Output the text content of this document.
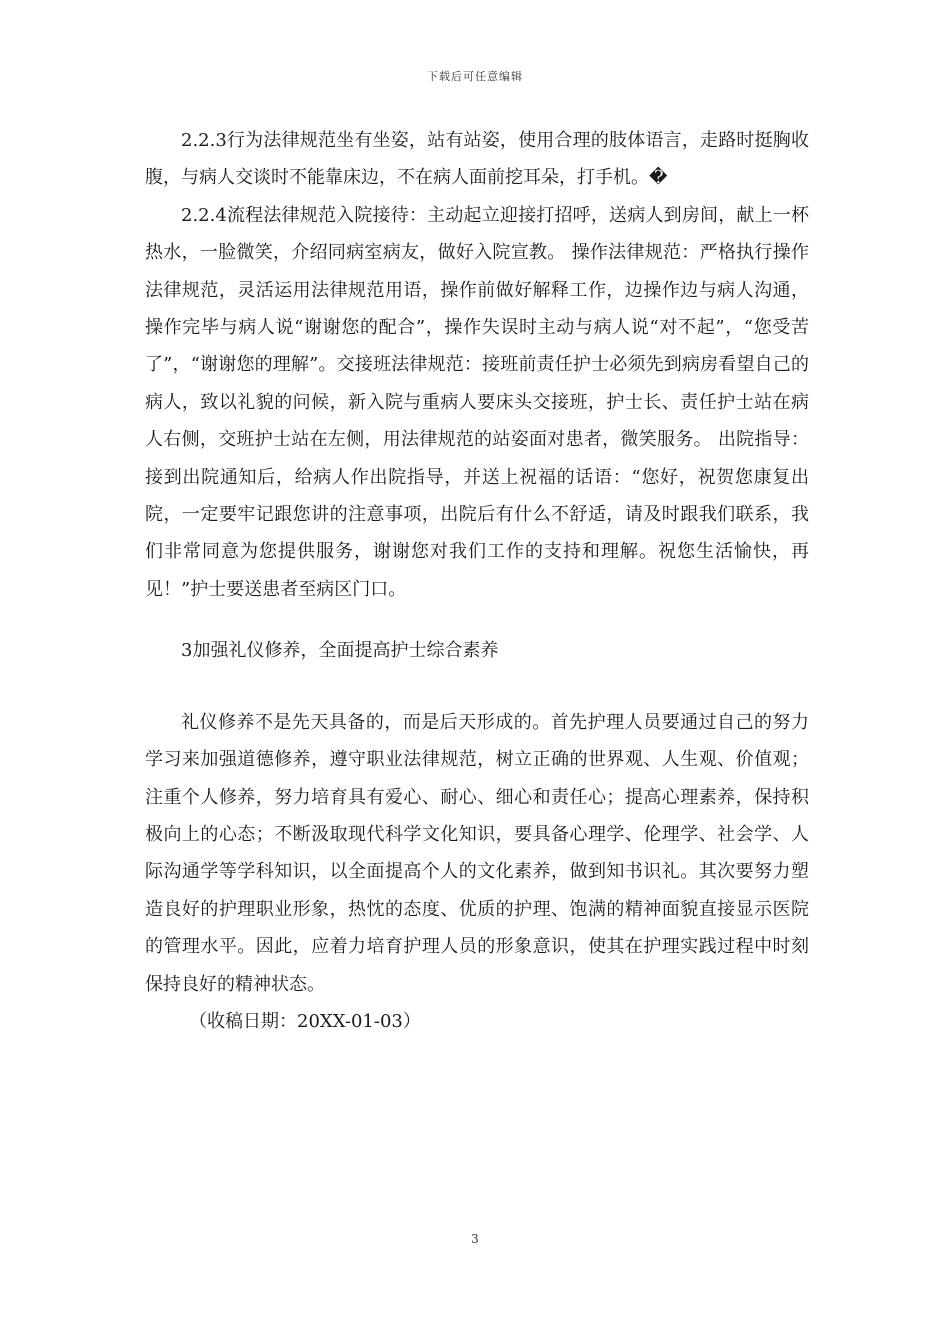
下载后可任意编辑

2.2.3行为法律规范坐有坐姿，站有站姿，使用合理的肢体语言，走路时挺胸收腹，与病人交谈时不能靠床边，不在病人面前挖耳朵，打手机。�

2.2.4流程法律规范入院接待：主动起立迎接打招呼，送病人到房间，献上一杯热水，一脸微笑，介绍同病室病友，做好入院宣教。 操作法律规范：严格执行操作法律规范，灵活运用法律规范用语，操作前做好解释工作，边操作边与病人沟通，操作完毕与病人说“谢谢您的配合”，操作失误时主动与病人说“对不起”，“您受苦了”，“谢谢您的理解”。交接班法律规范：接班前责任护士必须先到病房看望自己的病人，致以礼貌的问候，新入院与重病人要床头交接班，护士长、责任护士站在病人右侧，交班护士站在左侧，用法律规范的站姿面对患者，微笑服务。 出院指导：接到出院通知后，给病人作出院指导，并送上祝福的话语：“您好，祝贺您康复出院，一定要牢记跟您讲的注意事项，出院后有什么不舒适，请及时跟我们联系，我们非常同意为您提供服务，谢谢您对我们工作的支持和理解。祝您生活愉快，再见！”护士要送患者至病区门口。

3加强礼仪修养，全面提高护士综合素养

礼仪修养不是先天具备的，而是后天形成的。首先护理人员要通过自己的努力学习来加强道德修养，遵守职业法律规范，树立正确的世界观、人生观、价值观；注重个人修养，努力培育具有爱心、耐心、细心和责任心；提高心理素养，保持积极向上的心态；不断汲取现代科学文化知识，要具备心理学、伦理学、社会学、人际沟通学等学科知识，以全面提高个人的文化素养，做到知书识礼。其次要努力塑造良好的护理职业形象，热忱的态度、优质的护理、饱满的精神面貌直接显示医院的管理水平。因此，应着力培育护理人员的形象意识，使其在护理实践过程中时刻保持良好的精神状态。

（收稿日期：20XX-01-03）

3
